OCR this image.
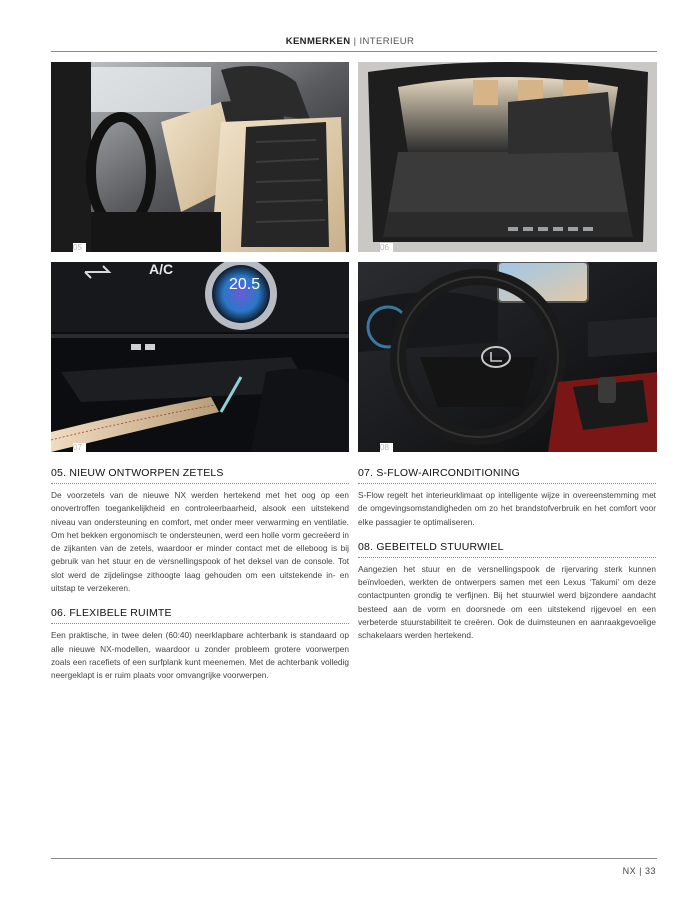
KENMERKEN | INTERIEUR
05	06
20.5
A/C
07	08
05. NIEUW ONTWORPEN ZETELS

De voorzetels van de nieuwe NX werden hertekend met het oog op een onovertroffen toegankelijkheid en controleerbaarheid, alsook een uitstekend niveau van ondersteuning en comfort, met onder meer verwarming en ventilatie. Om het bekken ergonomisch te ondersteunen, werd een holle vorm gecreëerd in de zijkanten van de zetels, waardoor er minder contact met de elleboog is bij gebruik van het stuur en de versnellingspook of het deksel van de console. Tot slot werd de zijdelingse zithoogte laag gehouden om een uitstekende in- en uitstap te verzekeren.

06. FLEXIBELE RUIMTE

Een praktische, in twee delen (60:40) neerklapbare achterbank is standaard op alle nieuwe NX-modellen, waardoor u zonder probleem grotere voorwerpen zoals een racefiets of een surfplank kunt meenemen. Met de achterbank volledig neergeklapt is er ruim plaats voor omvangrijke voorwerpen.

07. S-FLOW-AIRCONDITIONING

S-Flow regelt het interieurklimaat op intelligente wijze in overeenstemming met de omgevingsomstandigheden om zo het brandstofverbruik en het comfort voor elke passagier te optimaliseren.

08. GEBEITELD STUURWIEL

Aangezien het stuur en de versnellingspook de rijervaring sterk kunnen beïnvloeden, werkten de ontwerpers samen met een Lexus ‘Takumi’ om deze contactpunten grondig te verfijnen. Bij het stuurwiel werd bijzondere aandacht besteed aan de vorm en doorsnede om een uitstekend rijgevoel en een verbeterde stuurstabiliteit te creëren. Ook de duimsteunen en aanraakgevoelige schakelaars werden hertekend.

NX | 33
